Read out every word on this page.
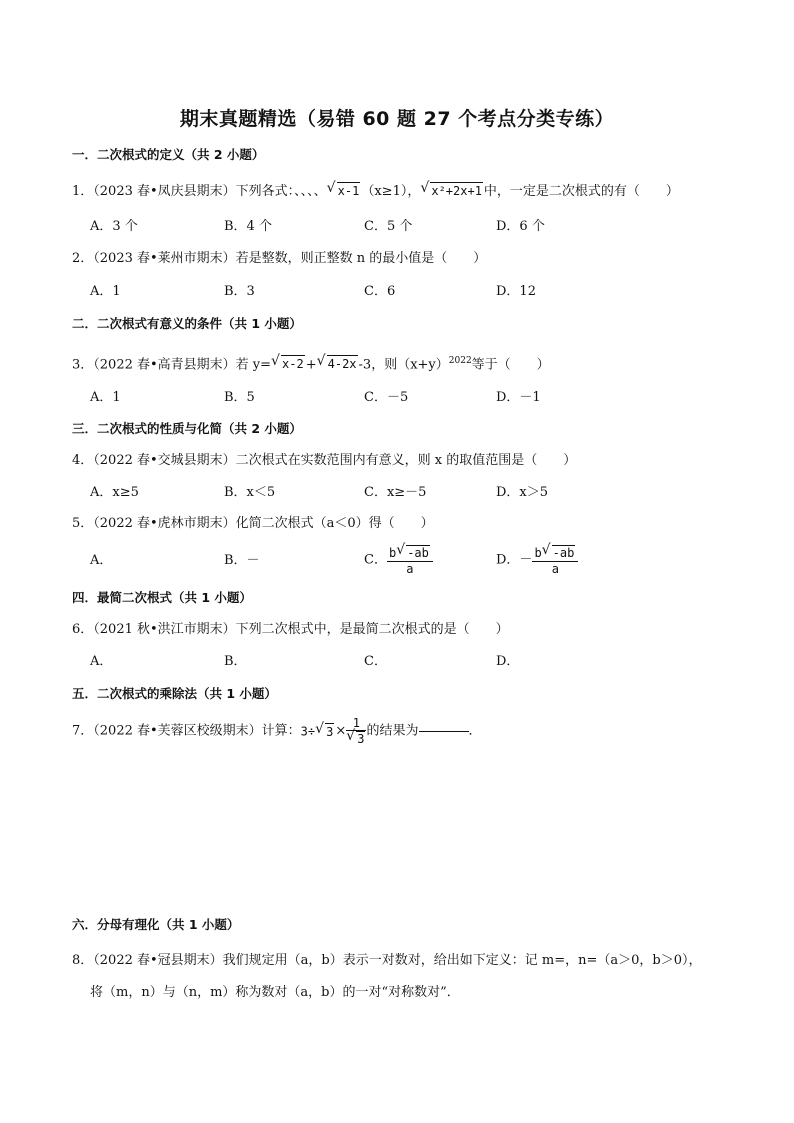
期末真题精选（易错 60 题 27 个考点分类专练）
一．二次根式的定义（共 2 小题）
1．（2023 春•凤庆县期末）下列各式：、、、、 √ x-1 （x≥1）， √ x²+2x+1 中，一定是二次根式的有（　　）
A．3 个	B．4 个	C．5 个	D．6 个
2．（2023 春•莱州市期末）若是整数，则正整数 n 的最小值是（　　）
A．1	B．3	C．6	D．12
二．二次根式有意义的条件（共 1 小题）
3．（2022 春•高青县期末）若 y= √ x-2 + √ 4-2x -3，则$(x+y)^{2022}$等于（　　）
A．1	B．5	C．－5	D．－1
三．二次根式的性质与化简（共 2 小题）
4．（2022 春•交城县期末）二次根式在实数范围内有意义，则 x 的取值范围是（　　）
A．x≥5	B．x＜5	C．x≥－5	D．x＞5
5．（2022 春•虎林市期末）化简二次根式（a＜0）得（　　）
A．	B．－	C． $\frac{b √ -ab}{a}$	D．－ $\frac{b √ -ab}{a}$
四．最简二次根式（共 1 小题）
6．（2021 秋•洪江市期末）下列二次根式中，是最简二次根式的是（　　）
A．	B．	C．	D．
五．二次根式的乘除法（共 1 小题）
7．（2022 春•芙蓉区校级期末）计算：3÷ √ $3 \times \frac{1}{√ 3}$ 的结果为	．
六．分母有理化（共 1 小题）
8．（2022 春•冠县期末）我们规定用（a，b）表示一对数对，给出如下定义：记 m=，n=（a＞0，b＞0），
将（m，n）与（n，m）称为数对（a，b）的一对“对称数对”．
